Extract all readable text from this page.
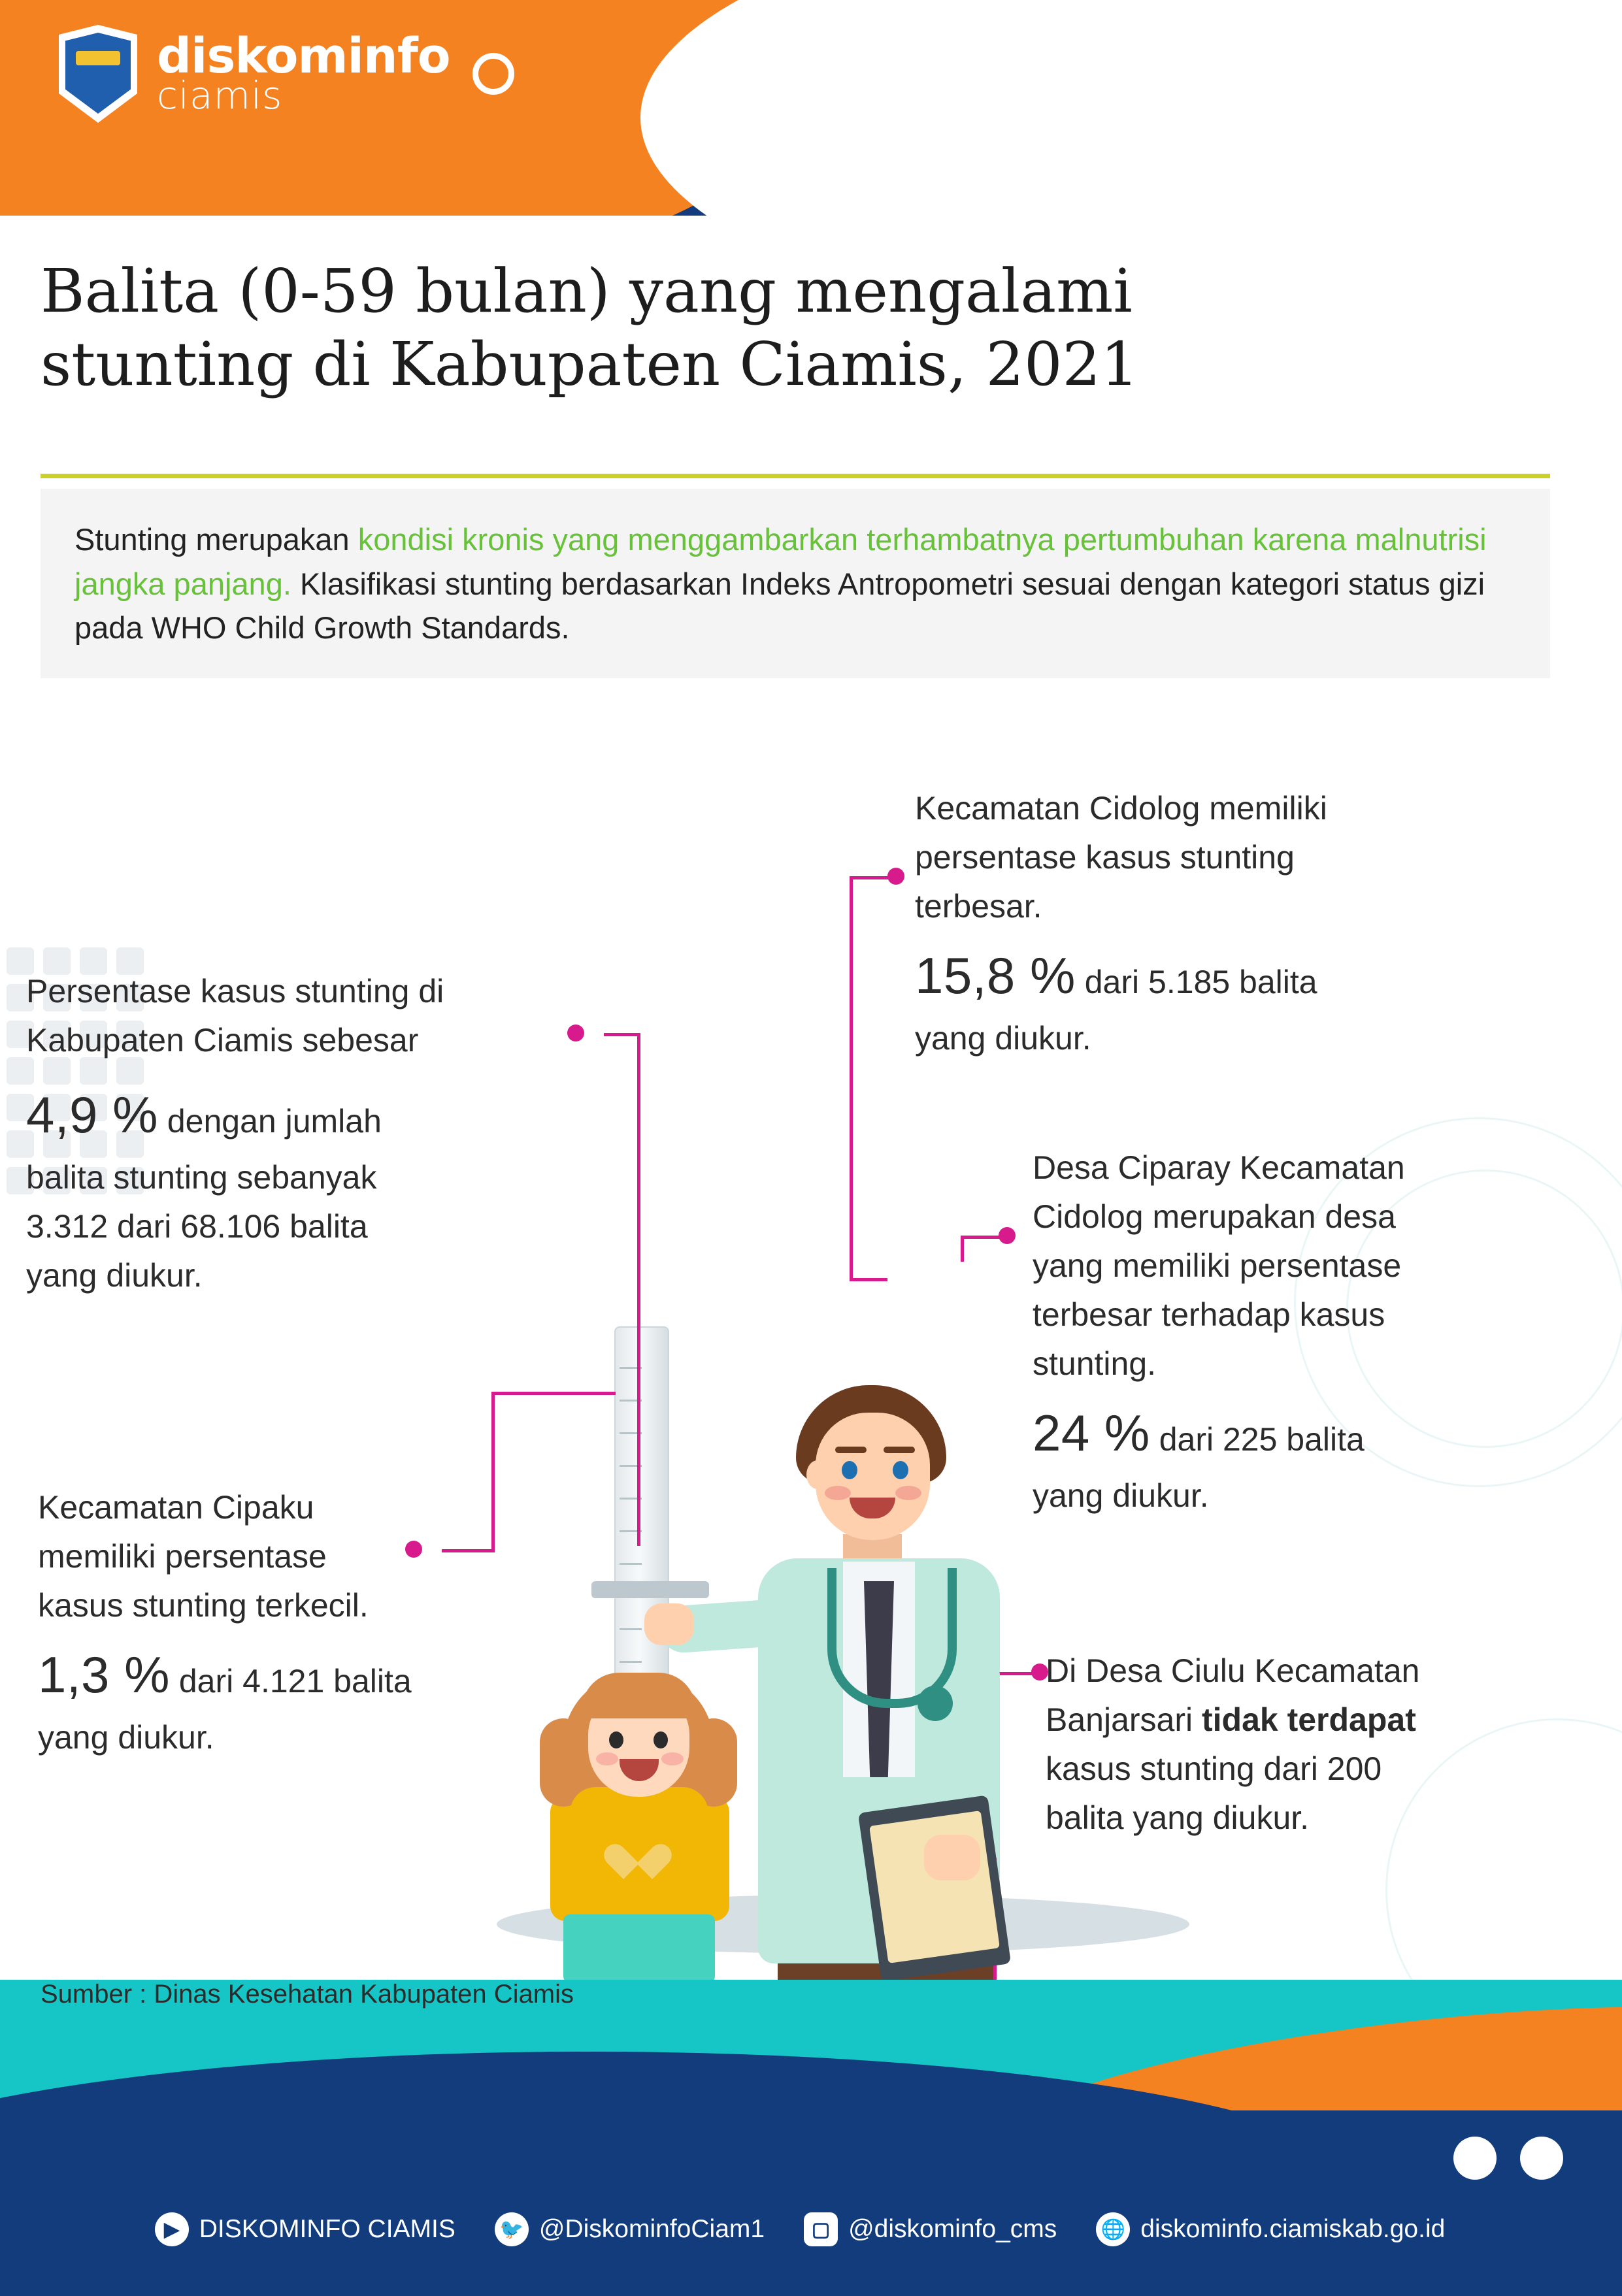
diskominfo
ciamis
Balita (0-59 bulan) yang mengalami
stunting di Kabupaten Ciamis, 2021

Stunting merupakan kondisi kronis yang menggambarkan terhambatnya pertumbuhan karena malnutrisi jangka panjang. Klasifikasi stunting berdasarkan Indeks Antropometri sesuai dengan kategori status gizi pada WHO Child Growth Standards.

Persentase kasus stunting di
Kabupaten Ciamis sebesar
4,9 % dengan jumlah
balita stunting sebanyak
3.312 dari 68.106 balita
yang diukur.
Kecamatan Cipaku
memiliki persentase
kasus stunting terkecil.
1,3 % dari 4.121 balita
yang diukur.
Kecamatan Cidolog memiliki
persentase kasus stunting
terbesar.
15,8 % dari 5.185 balita
yang diukur.
Desa Ciparay Kecamatan
Cidolog merupakan desa
yang memiliki persentase
terbesar terhadap kasus
stunting.
24 % dari 225 balita
yang diukur.
Di Desa Ciulu Kecamatan
Banjarsari tidak terdapat
kasus stunting dari 200
balita yang diukur.
Sumber : Dinas Kesehatan Kabupaten Ciamis
▶ DISKOMINFO CIAMIS 🐦 @DiskominfoCiam1	▢ @diskominfo_cms 🌐 diskominfo.ciamiskab.go.id
